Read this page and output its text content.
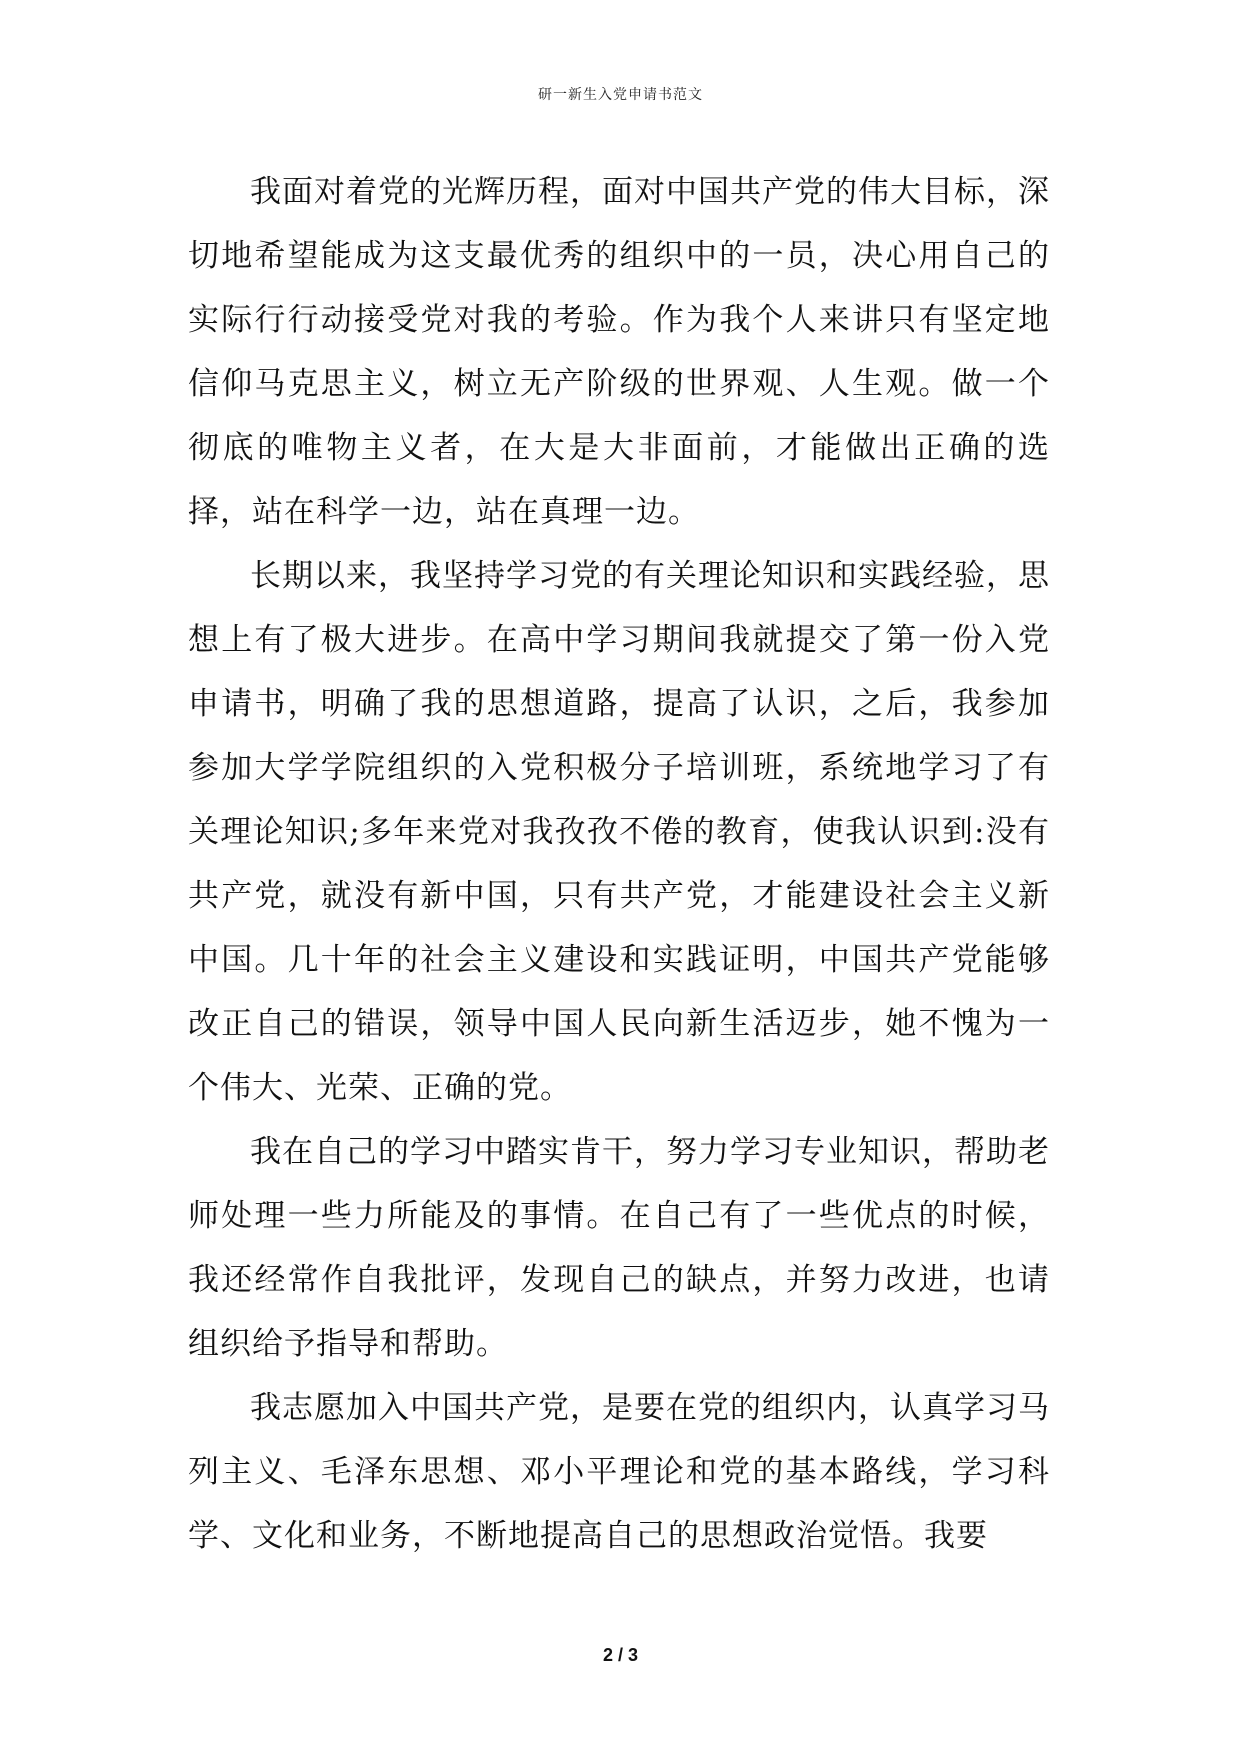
研一新生入党申请书范文

我面对着党的光辉历程，面对中国共产党的伟大目标，深切地希望能成为这支最优秀的组织中的一员，决心用自己的实际行行动接受党对我的考验。作为我个人来讲只有坚定地信仰马克思主义，树立无产阶级的世界观、人生观。做一个彻底的唯物主义者，在大是大非面前，才能做出正确的选择，站在科学一边，站在真理一边。

长期以来，我坚持学习党的有关理论知识和实践经验，思想上有了极大进步。在高中学习期间我就提交了第一份入党申请书，明确了我的思想道路，提高了认识，之后，我参加参加大学学院组织的入党积极分子培训班，系统地学习了有关理论知识;多年来党对我孜孜不倦的教育，使我认识到:没有共产党，就没有新中国，只有共产党，才能建设社会主义新中国。几十年的社会主义建设和实践证明，中国共产党能够改正自己的错误，领导中国人民向新生活迈步，她不愧为一个伟大、光荣、正确的党。

我在自己的学习中踏实肯干，努力学习专业知识，帮助老师处理一些力所能及的事情。在自己有了一些优点的时候，我还经常作自我批评，发现自己的缺点，并努力改进，也请组织给予指导和帮助。

我志愿加入中国共产党，是要在党的组织内，认真学习马列主义、毛泽东思想、邓小平理论和党的基本路线，学习科学、文化和业务，不断地提高自己的思想政治觉悟。我要

2 / 3
